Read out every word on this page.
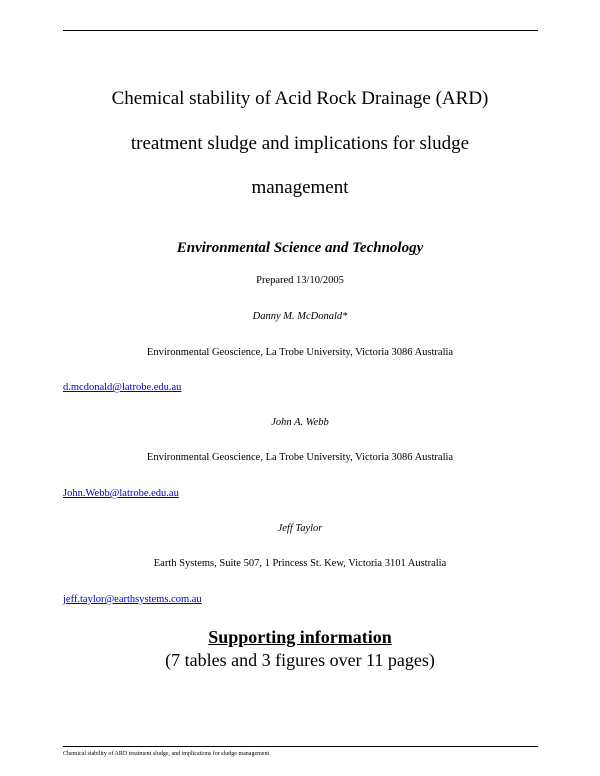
Chemical stability of Acid Rock Drainage (ARD)
treatment sludge and implications for sludge
management
Environmental Science and Technology
Prepared 13/10/2005
Danny M. McDonald*
Environmental Geoscience, La Trobe University, Victoria 3086 Australia
d.mcdonald@latrobe.edu.au
John A. Webb
Environmental Geoscience, La Trobe University, Victoria 3086 Australia
John.Webb@latrobe.edu.au
Jeff Taylor
Earth Systems, Suite 507, 1 Princess St. Kew, Victoria 3101 Australia
jeff.taylor@earthsystems.com.au
Supporting information
(7 tables and 3 figures over 11 pages)
Chemical stability of ARD treatment sludge, and implications for sludge management
